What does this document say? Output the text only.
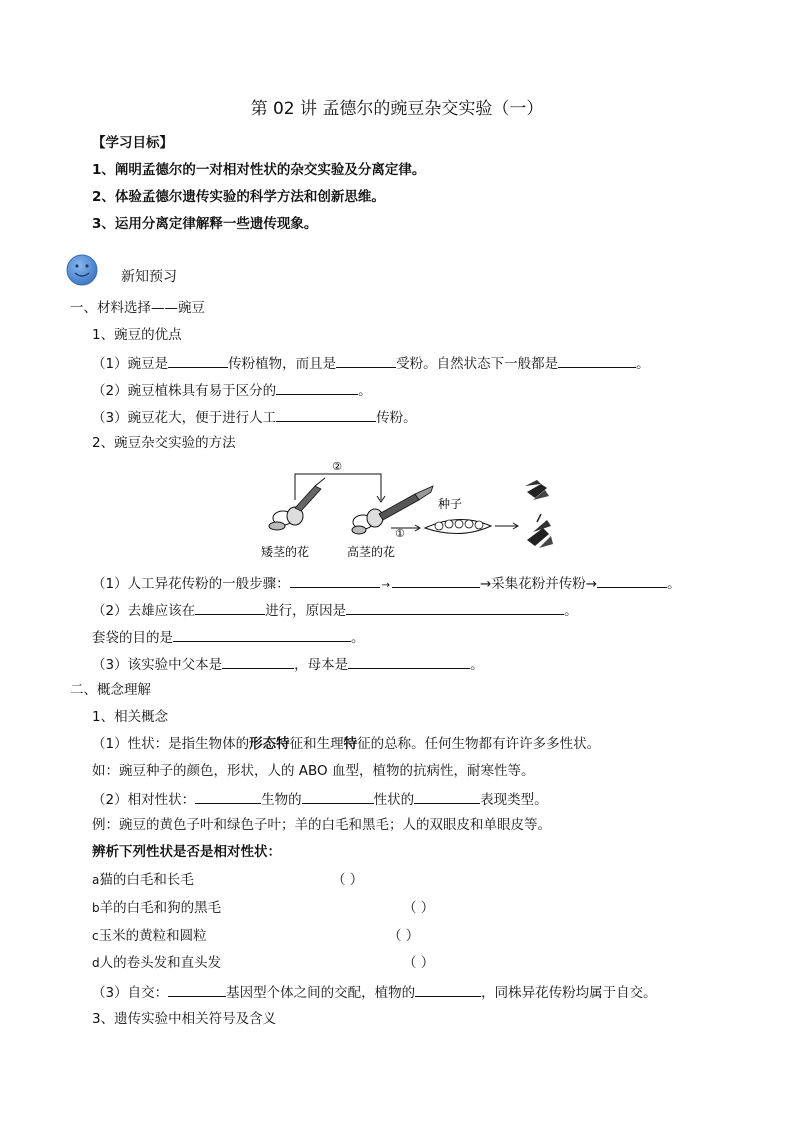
第 02 讲 孟德尔的豌豆杂交实验（一）
【学习目标】
1、阐明孟德尔的一对相对性状的杂交实验及分离定律。
2、体验孟德尔遗传实验的科学方法和创新思维。
3、运用分离定律解释一些遗传现象。
新知预习
一、材料选择——豌豆
1、豌豆的优点
（1）豌豆是	传粉植物，而且是	受粉。自然状态下一般都是	。
（2）豌豆植株具有易于区分的	。
（3）豌豆花大，便于进行人工	传粉。
2、豌豆杂交实验的方法
②
①
种子
矮茎的花	高茎的花
（1）人工异花传粉的一般步骤：	→	→采集花粉并传粉→	。
（2）去雄应该在	进行，原因是	。
套袋的目的是	。
（3）该实验中父本是	，母本是	。
二、概念理解
1、相关概念
（1）性状：是指生物体的形态特征和生理特征的总称。任何生物都有许许多多性状。
如：豌豆种子的颜色，形状，人的 ABO 血型，植物的抗病性，耐寒性等。
（2）相对性状：	生物的	性状的	表现类型。
例：豌豆的黄色子叶和绿色子叶；羊的白毛和黑毛；人的双眼皮和单眼皮等。
辨析下列性状是否是相对性状：
a猫的白毛和长毛	（ ）
b羊的白毛和狗的黑毛	（ ）
c玉米的黄粒和圆粒	（ ）
d人的卷头发和直头发	（ ）
（3）自交：	基因型个体之间的交配，植物的	，同株异花传粉均属于自交。
3、遗传实验中相关符号及含义
